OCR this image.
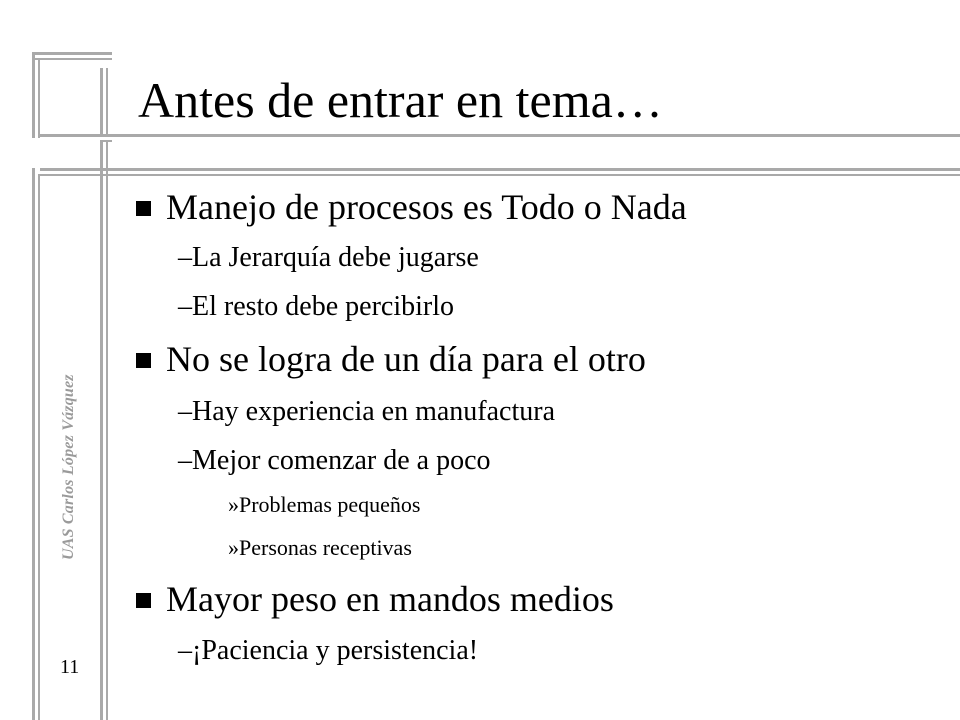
Antes de entrar en tema…
UAS Carlos López Vázquez
11
Manejo de procesos es Todo o Nada
–La Jerarquía debe jugarse
–El resto debe percibirlo
No se logra de un día para el otro
–Hay experiencia en manufactura
–Mejor comenzar de a poco
»Problemas pequeños
»Personas receptivas
Mayor peso en mandos medios
–¡Paciencia y persistencia!
